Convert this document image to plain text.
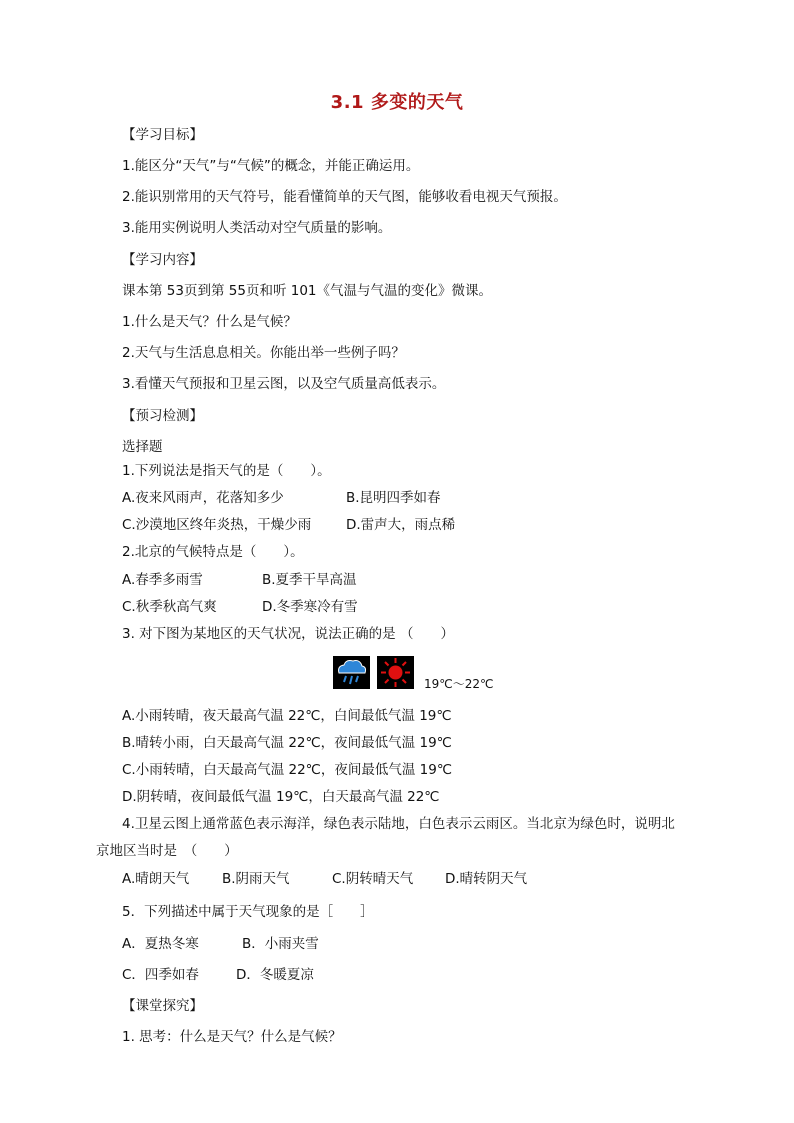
3.1 多变的天气
【学习目标】
1.能区分“天气”与“气候”的概念，并能正确运用。
2.能识别常用的天气符号，能看懂简单的天气图，能够收看电视天气预报。
3.能用实例说明人类活动对空气质量的影响。
【学习内容】
课本第 53页到第 55页和听 101《气温与气温的变化》微课。
1.什么是天气？什么是气候？
2.天气与生活息息相关。你能出举一些例子吗？
3.看懂天气预报和卫星云图，以及空气质量高低表示。
【预习检测】
选择题
1.下列说法是指天气的是（　　）。
A.夜来风雨声，花落知多少	B.昆明四季如春
C.沙漠地区终年炎热，干燥少雨	D.雷声大，雨点稀
2.北京的气候特点是（　　）。
A.春季多雨雪	B.夏季干旱高温
C.秋季秋高气爽	D.冬季寒冷有雪
3. 对下图为某地区的天气状况，说法正确的是 （　　）
19℃～22℃
A.小雨转晴，夜天最高气温 22℃，白间最低气温 19℃
B.晴转小雨，白天最高气温 22℃，夜间最低气温 19℃
C.小雨转晴，白天最高气温 22℃，夜间最低气温 19℃
D.阴转晴，夜间最低气温 19℃，白天最高气温 22℃
4.卫星云图上通常蓝色表示海洋，绿色表示陆地，白色表示云雨区。当北京为绿色时，说明北
京地区当时是　（　　）
A.晴朗天气 B.阴雨天气	C.阴转晴天气 D.晴转阴天气
5．下列描述中属于天气现象的是［　　］
A．夏热冬寒	B．小雨夹雪
C．四季如春	D．冬暖夏凉
【课堂探究】
1. 思考：什么是天气？什么是气候？
